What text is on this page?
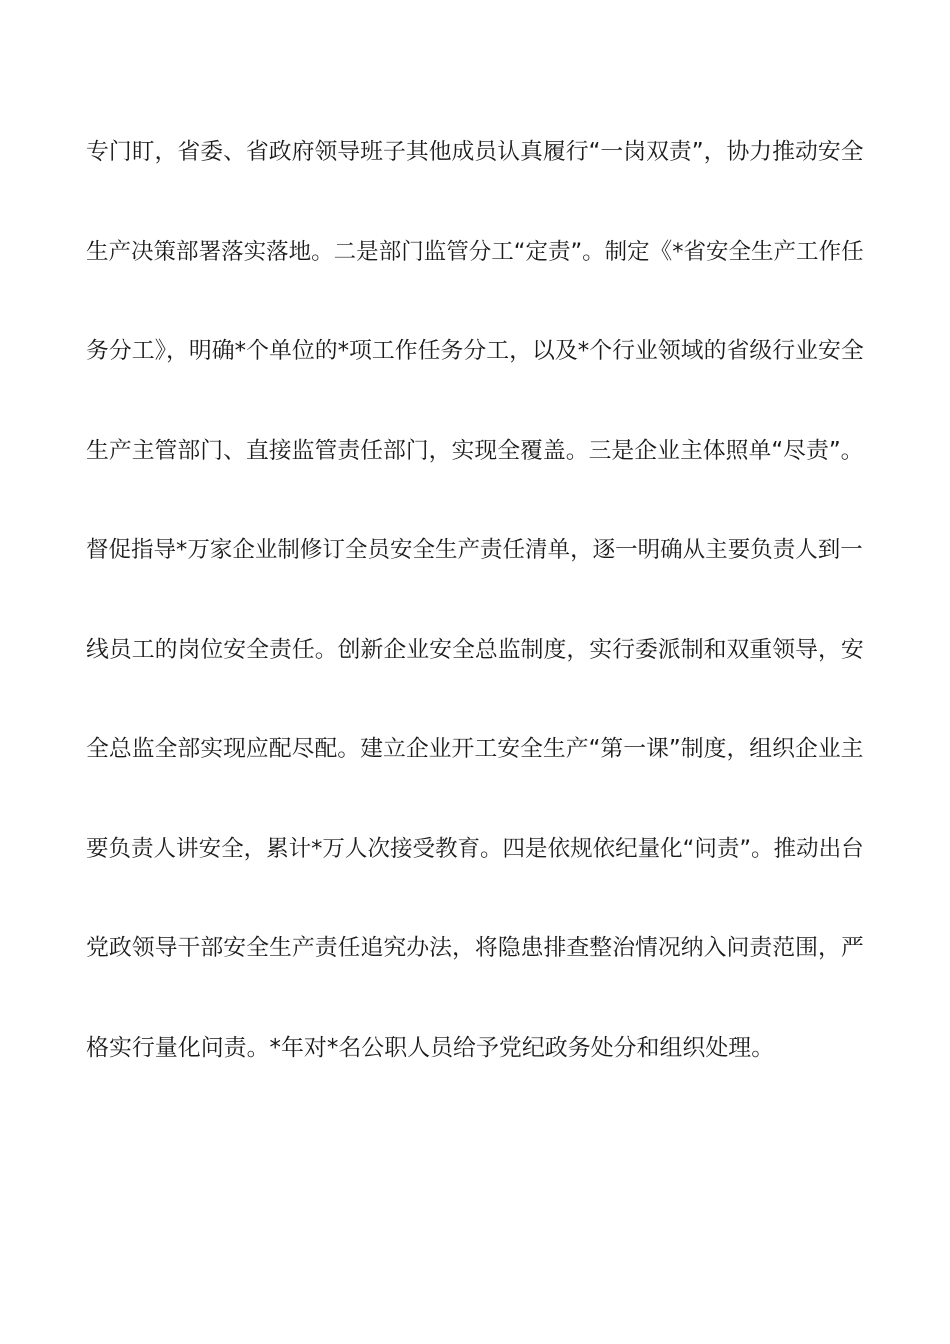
专门盯，省委、省政府领导班子其他成员认真履行“一岗双责”，协力推动安全
生产决策部署落实落地。二是部门监管分工“定责”。制定《*省安全生产工作任
务分工》，明确*个单位的*项工作任务分工，以及*个行业领域的省级行业安全
生产主管部门、直接监管责任部门，实现全覆盖。三是企业主体照单“尽责”。
督促指导*万家企业制修订全员安全生产责任清单，逐一明确从主要负责人到一
线员工的岗位安全责任。创新企业安全总监制度，实行委派制和双重领导，安
全总监全部实现应配尽配。建立企业开工安全生产“第一课”制度，组织企业主
要负责人讲安全，累计*万人次接受教育。四是依规依纪量化“问责”。推动出台
党政领导干部安全生产责任追究办法，将隐患排查整治情况纳入问责范围，严
格实行量化问责。*年对*名公职人员给予党纪政务处分和组织处理。
